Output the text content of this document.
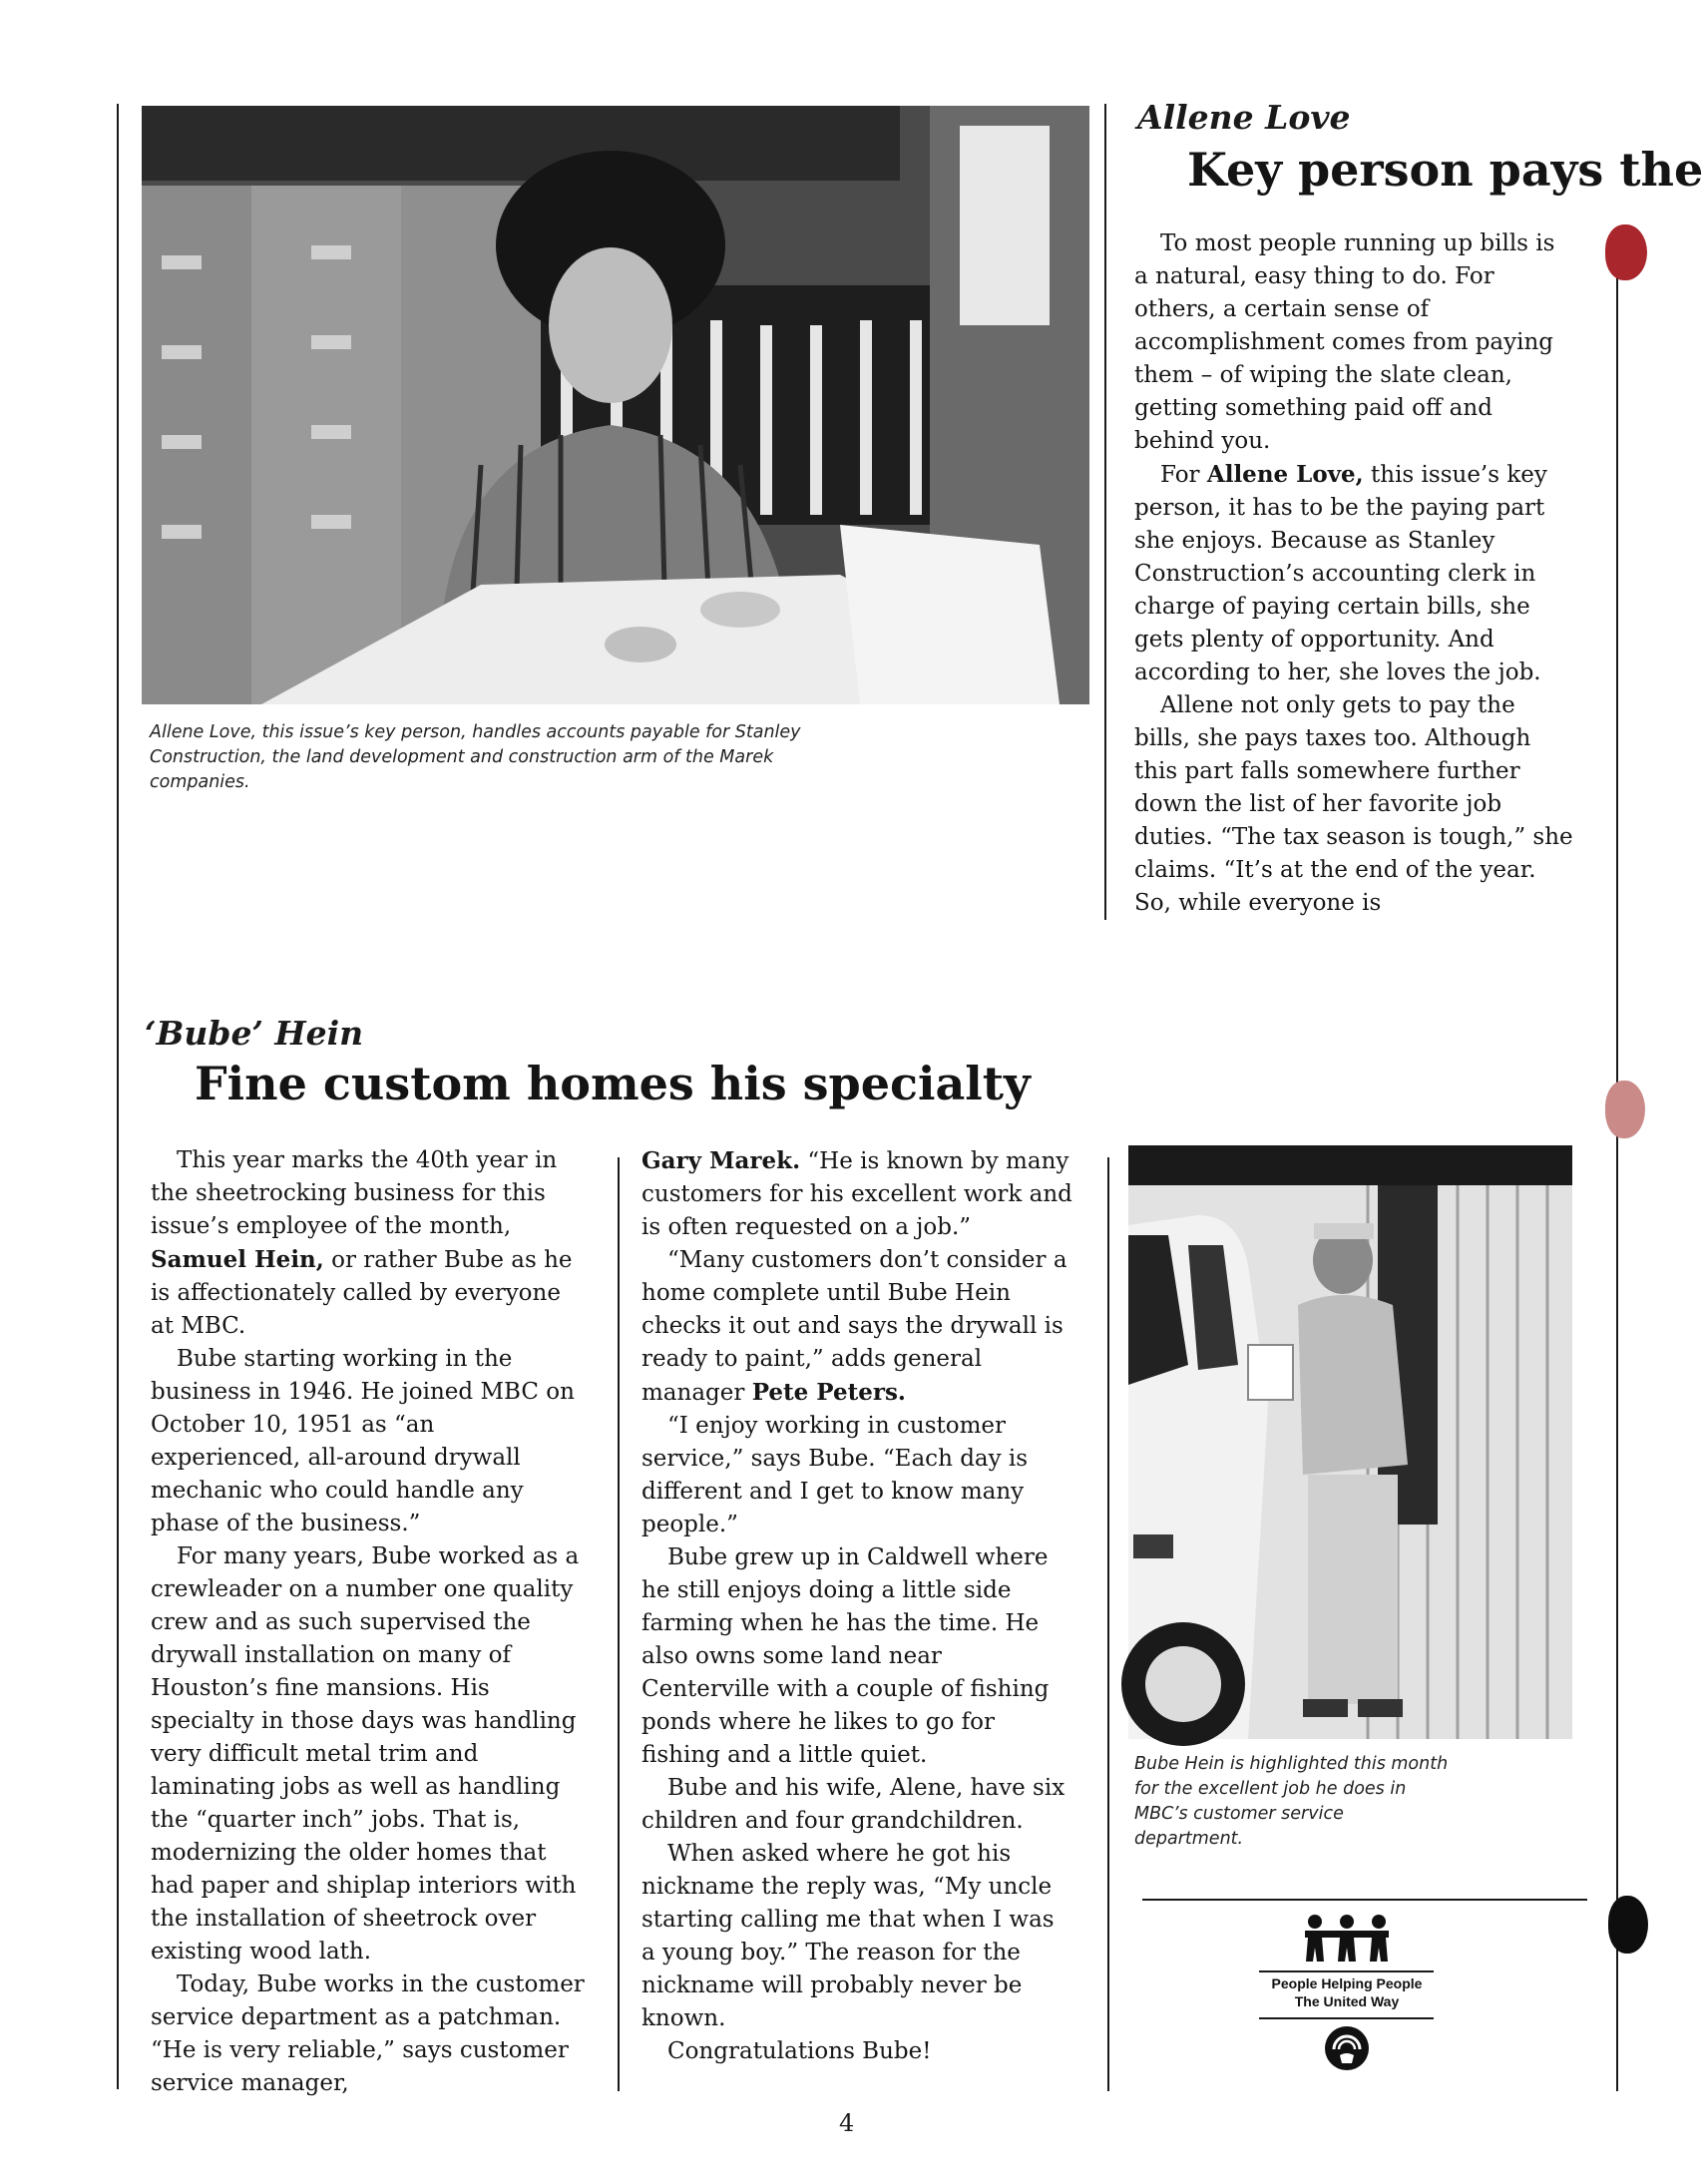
Allene Love, this issue’s key person, handles accounts payable for Stanley Construction, the land development and construction arm of the Marek companies.
Allene Love
Key person pays the

To most people running up bills is a natural, easy thing to do. For others, a certain sense of accomplishment comes from paying them – of wiping the slate clean, getting something paid off and behind you.

For Allene Love, this issue’s key person, it has to be the paying part she enjoys. Because as Stanley Construction’s accounting clerk in charge of paying certain bills, she gets plenty of opportunity. And according to her, she loves the job.

Allene not only gets to pay the bills, she pays taxes too. Although this part falls somewhere further down the list of her favorite job duties. “The tax season is tough,” she claims. “It’s at the end of the year. So, while everyone is

‘Bube’ Hein
Fine custom homes his specialty

This year marks the 40th year in the sheetrocking business for this issue’s employee of the month, Samuel Hein, or rather Bube as he is affectionately called by everyone at MBC.

Bube starting working in the business in 1946. He joined MBC on October 10, 1951 as “an experienced, all-around drywall mechanic who could handle any phase of the business.”

For many years, Bube worked as a crewleader on a number one quality crew and as such supervised the drywall installation on many of Houston’s fine mansions. His specialty in those days was handling very difficult metal trim and laminating jobs as well as handling the “quarter inch” jobs. That is, modernizing the older homes that had paper and shiplap interiors with the installation of sheetrock over existing wood lath.

Today, Bube works in the customer service department as a patchman. “He is very reliable,” says customer service manager,

Gary Marek. “He is known by many customers for his excellent work and is often requested on a job.”

“Many customers don’t consider a home complete until Bube Hein checks it out and says the drywall is ready to paint,” adds general manager Pete Peters.

“I enjoy working in customer service,” says Bube. “Each day is different and I get to know many people.”

Bube grew up in Caldwell where he still enjoys doing a little side farming when he has the time. He also owns some land near Centerville with a couple of fishing ponds where he likes to go for fishing and a little quiet.

Bube and his wife, Alene, have six children and four grandchildren.

When asked where he got his nickname the reply was, “My uncle starting calling me that when I was a young boy.” The reason for the nickname will probably never be known.

Congratulations Bube!

Bube Hein is highlighted this month for the excellent job he does in MBC’s customer service department.
People Helping People
The United Way
4
